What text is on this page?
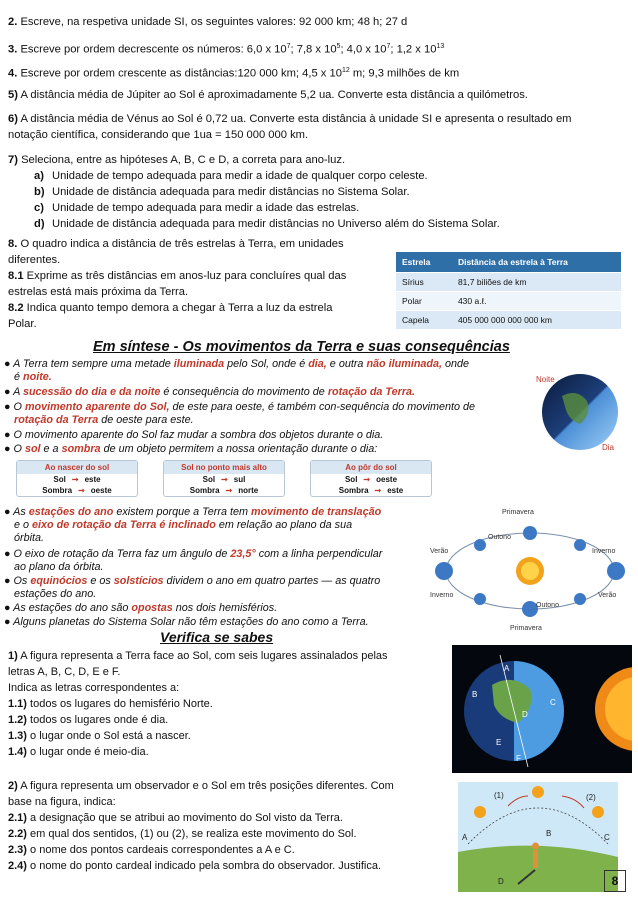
2. Escreve, na respetiva unidade SI, os seguintes valores: 92 000 km; 48 h; 27 d
3. Escreve por ordem decrescente os números: 6,0 x $10^7$; 7,8 x $10^5$; 4,0 x $10^7$; 1,2 x $10^{13}$
4. Escreve por ordem crescente as distâncias:120 000 km; 4,5 x $10^{12}$ m; 9,3 milhões de km
5) A distância média de Júpiter ao Sol é aproximadamente 5,2 ua. Converte esta distância a quilómetros.
6) A distância média de Vénus ao Sol é 0,72 ua. Converte esta distância à unidade SI e apresenta o resultado em
notação científica, considerando que 1ua = 150 000 000 km.
7) Seleciona, entre as hipóteses A, B, C e D, a correta para ano-luz.
a) Unidade de tempo adequada para medir a idade de qualquer corpo celeste.
b) Unidade de distância adequada para medir distâncias no Sistema Solar.
c) Unidade de tempo adequada para medir a idade das estrelas.
d) Unidade de distância adequada para medir distâncias no Universo além do Sistema Solar.
8. O quadro indica a distância de três estrelas à Terra, em unidades
diferentes.
8.1 Exprime as três distâncias em anos-luz para concluíres qual das
estrelas está mais próxima da Terra.
8.2 Indica quanto tempo demora a chegar à Terra a luz da estrela
Polar.
Estrela	Distância da estrela à Terra
Sírius	81,7 biliões de km
Polar	430 a.ℓ.
Capela	405 000 000 000 000 km
Em síntese - Os movimentos da Terra e suas consequências
● A Terra tem sempre uma metade iluminada pelo Sol, onde é dia, e outra não iluminada, onde
é noite.
● A sucessão do dia e da noite é consequência do movimento de rotação da Terra.
● O movimento aparente do Sol, de este para oeste, é também con-sequência do movimento de
rotação da Terra de oeste para este.
● O movimento aparente do Sol faz mudar a sombra dos objetos durante o dia.
● O sol e a sombra de um objeto permitem a nossa orientação durante o dia:
Ao nascer do sol
Sol ➞ este
Sombra ➞ oeste
Sol no ponto mais alto
Sol ➞ sul
Sombra ➞ norte
Ao pôr do sol
Sol ➞ oeste
Sombra ➞ este
● As estações do ano existem porque a Terra tem movimento de translação
e o eixo de rotação da Terra é inclinado em relação ao plano da sua
órbita.
● O eixo de rotação da Terra faz um ângulo de 23,5° com a linha perpendicular
ao plano da órbita.
● Os equinócios e os solstícios dividem o ano em quatro partes — as quatro
estações do ano.
● As estações do ano são opostas nos dois hemisférios.
● Alguns planetas do Sistema Solar não têm estações do ano como a Terra.
Noite
Dia
Primavera
Outono
Verão	Inverno
Inverno	Verão
Outono
Primavera
Verifica se sabes
1) A figura representa a Terra face ao Sol, com seis lugares assinalados pelas
letras A, B, C, D, E e F.
Indica as letras correspondentes a:
1.1) todos os lugares do hemisfério Norte.
1.2) todos os lugares onde é dia.
1.3) o lugar onde o Sol está a nascer.
1.4) o lugar onde é meio-dia.
A
B
C
D
E
F
2) A figura representa um observador e o Sol em três posições diferentes. Com
base na figura, indica:
2.1) a designação que se atribui ao movimento do Sol visto da Terra.
2.2) em qual dos sentidos, (1) ou (2), se realiza este movimento do Sol.
2.3) o nome dos pontos cardeais correspondentes a A e C.
2.4) o nome do ponto cardeal indicado pela sombra do observador. Justifica.
(1)	(2)
A	B	C
D	8
